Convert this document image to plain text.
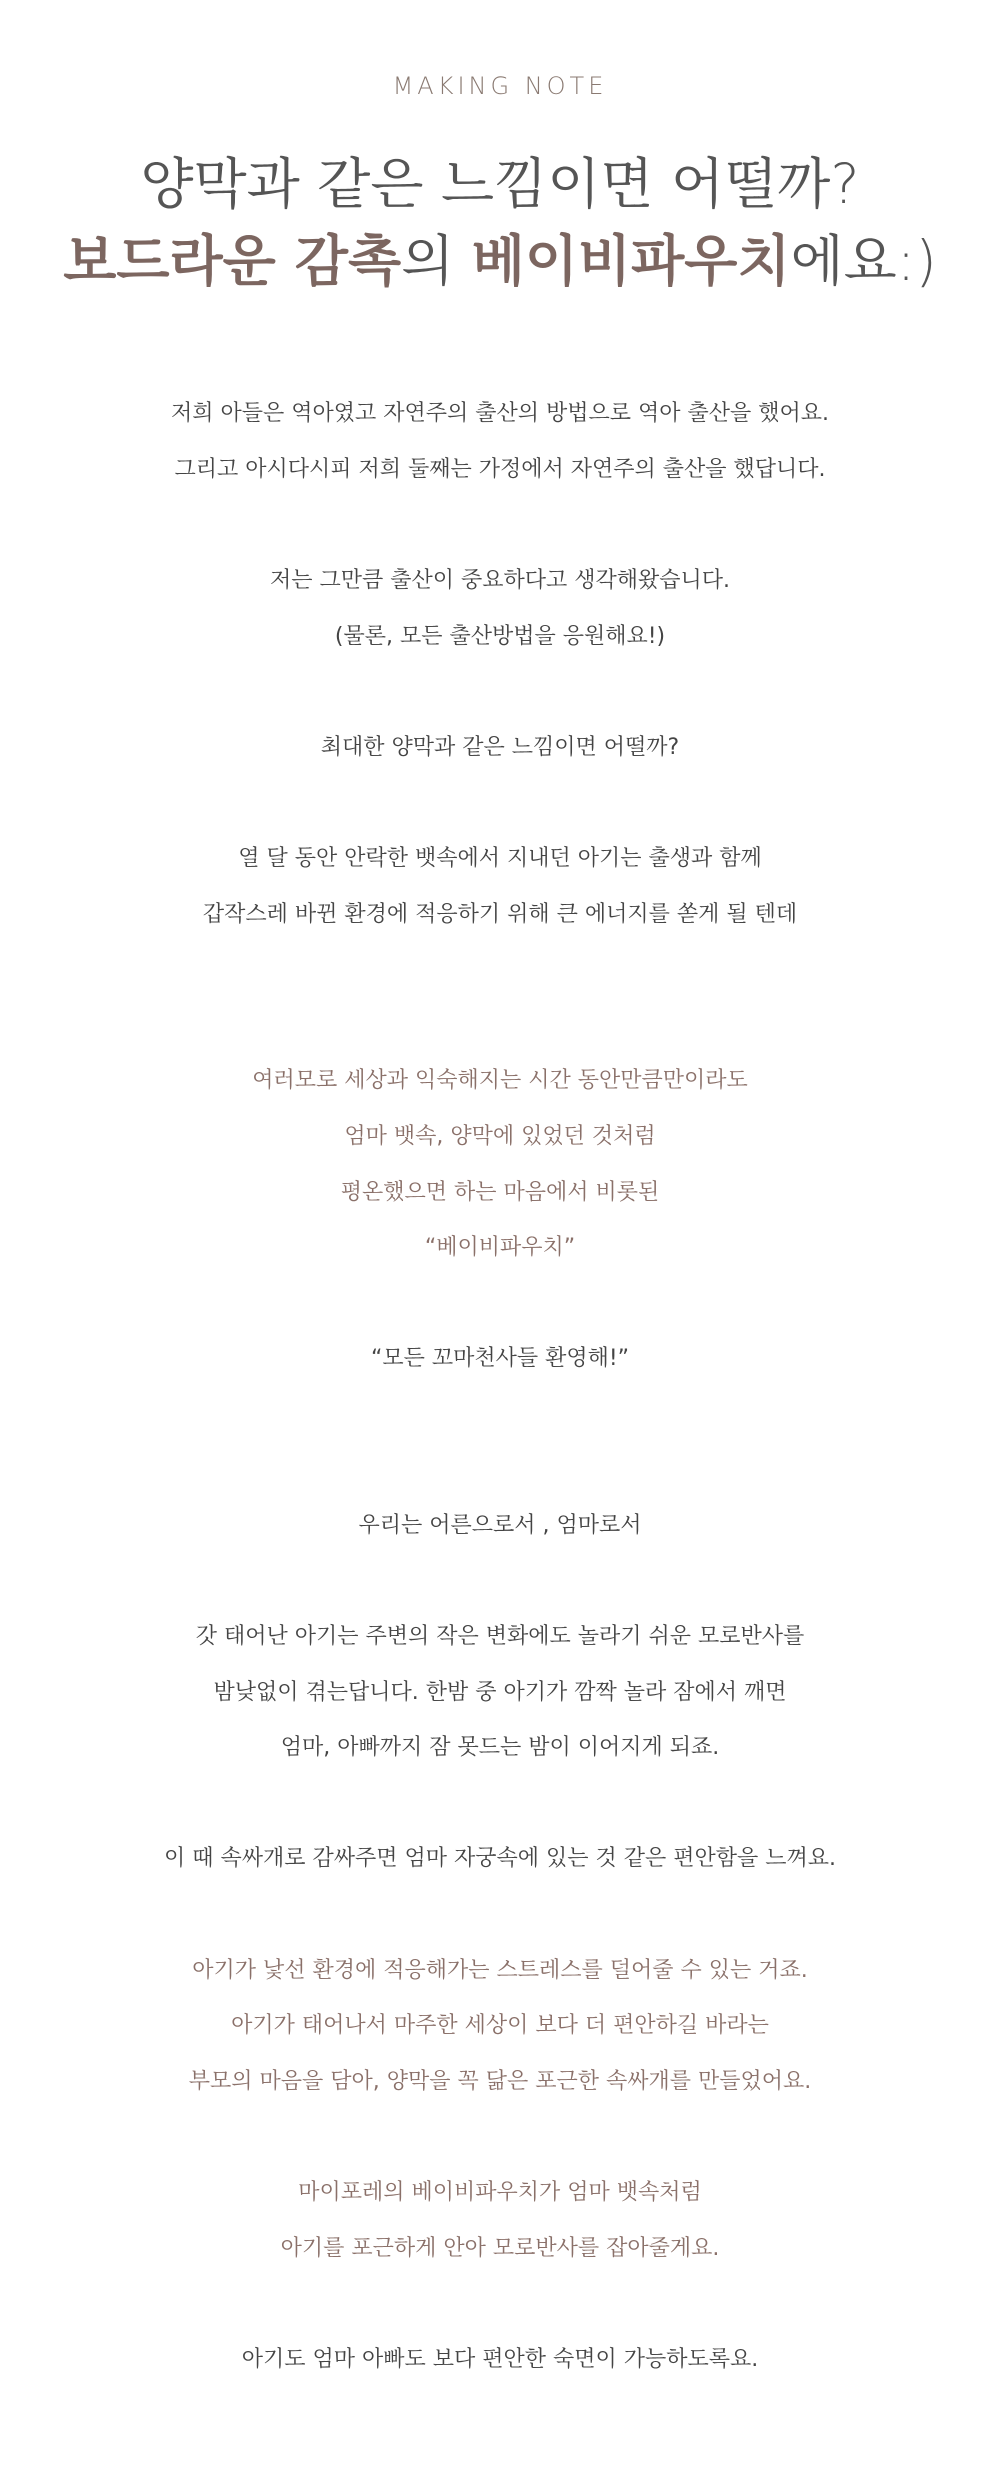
MAKING NOTE
양막과 같은 느낌이면 어떨까?
보드라운 감촉의 베이비파우치에요:)
저희 아들은 역아였고 자연주의 출산의 방법으로 역아 출산을 했어요.
그리고 아시다시피 저희 둘째는 가정에서 자연주의 출산을 했답니다.
저는 그만큼 출산이 중요하다고 생각해왔습니다.
(물론, 모든 출산방법을 응원해요!)
최대한 양막과 같은 느낌이면 어떨까?
열 달 동안 안락한 뱃속에서 지내던 아기는 출생과 함께
갑작스레 바뀐 환경에 적응하기 위해 큰 에너지를 쏟게 될 텐데
여러모로 세상과 익숙해지는 시간 동안만큼만이라도
엄마 뱃속, 양막에 있었던 것처럼
평온했으면 하는 마음에서 비롯된
“베이비파우치”
“모든 꼬마천사들 환영해!”
우리는 어른으로서 , 엄마로서
갓 태어난 아기는 주변의 작은 변화에도 놀라기 쉬운 모로반사를
밤낮없이 겪는답니다. 한밤 중 아기가 깜짝 놀라 잠에서 깨면
엄마, 아빠까지 잠 못드는 밤이 이어지게 되죠.
이 때 속싸개로 감싸주면 엄마 자궁속에 있는 것 같은 편안함을 느껴요.
아기가 낯선 환경에 적응해가는 스트레스를 덜어줄 수 있는 거죠.
아기가 태어나서 마주한 세상이 보다 더 편안하길 바라는
부모의 마음을 담아, 양막을 꼭 닮은 포근한 속싸개를 만들었어요.
마이포레의 베이비파우치가 엄마 뱃속처럼
아기를 포근하게 안아 모로반사를 잡아줄게요.
아기도 엄마 아빠도 보다 편안한 숙면이 가능하도록요.
